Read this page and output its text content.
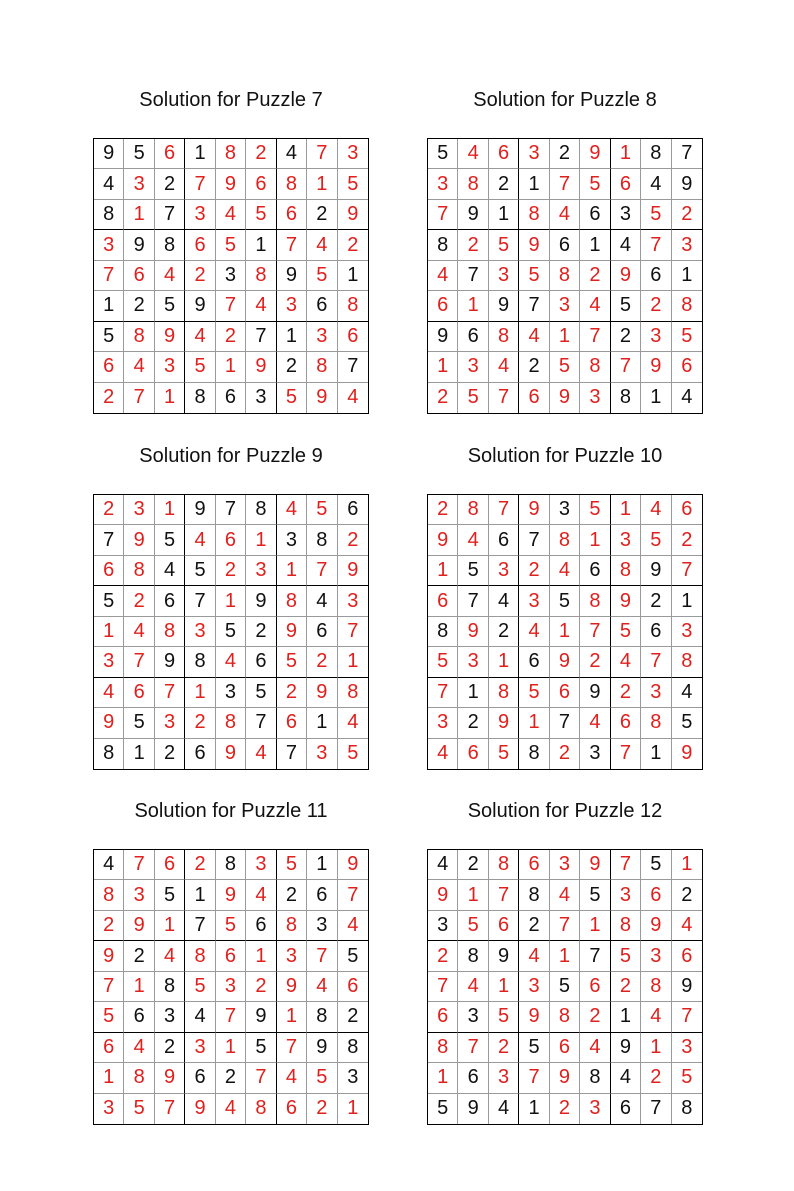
Solution for Puzzle 7
9 5 6 1 8 2 4 7 3
4 3 2 7 9 6 8 1 5
8 1 7 3 4 5 6 2 9
3 9 8 6 5 1 7 4 2
7 6 4 2 3 8 9 5 1
1 2 5 9 7 4 3 6 8
5 8 9 4 2 7 1 3 6
6 4 3 5 1 9 2 8 7
2 7 1 8 6 3 5 9 4
Solution for Puzzle 8
5 4 6 3 2 9 1 8 7
3 8 2 1 7 5 6 4 9
7 9 1 8 4 6 3 5 2
8 2 5 9 6 1 4 7 3
4 7 3 5 8 2 9 6 1
6 1 9 7 3 4 5 2 8
9 6 8 4 1 7 2 3 5
1 3 4 2 5 8 7 9 6
2 5 7 6 9 3 8 1 4
Solution for Puzzle 9
2 3 1 9 7 8 4 5 6
7 9 5 4 6 1 3 8 2
6 8 4 5 2 3 1 7 9
5 2 6 7 1 9 8 4 3
1 4 8 3 5 2 9 6 7
3 7 9 8 4 6 5 2 1
4 6 7 1 3 5 2 9 8
9 5 3 2 8 7 6 1 4
8 1 2 6 9 4 7 3 5
Solution for Puzzle 10
2 8 7 9 3 5 1 4 6
9 4 6 7 8 1 3 5 2
1 5 3 2 4 6 8 9 7
6 7 4 3 5 8 9 2 1
8 9 2 4 1 7 5 6 3
5 3 1 6 9 2 4 7 8
7 1 8 5 6 9 2 3 4
3 2 9 1 7 4 6 8 5
4 6 5 8 2 3 7 1 9
Solution for Puzzle 11
4 7 6 2 8 3 5 1 9
8 3 5 1 9 4 2 6 7
2 9 1 7 5 6 8 3 4
9 2 4 8 6 1 3 7 5
7 1 8 5 3 2 9 4 6
5 6 3 4 7 9 1 8 2
6 4 2 3 1 5 7 9 8
1 8 9 6 2 7 4 5 3
3 5 7 9 4 8 6 2 1
Solution for Puzzle 12
4 2 8 6 3 9 7 5 1
9 1 7 8 4 5 3 6 2
3 5 6 2 7 1 8 9 4
2 8 9 4 1 7 5 3 6
7 4 1 3 5 6 2 8 9
6 3 5 9 8 2 1 4 7
8 7 2 5 6 4 9 1 3
1 6 3 7 9 8 4 2 5
5 9 4 1 2 3 6 7 8
